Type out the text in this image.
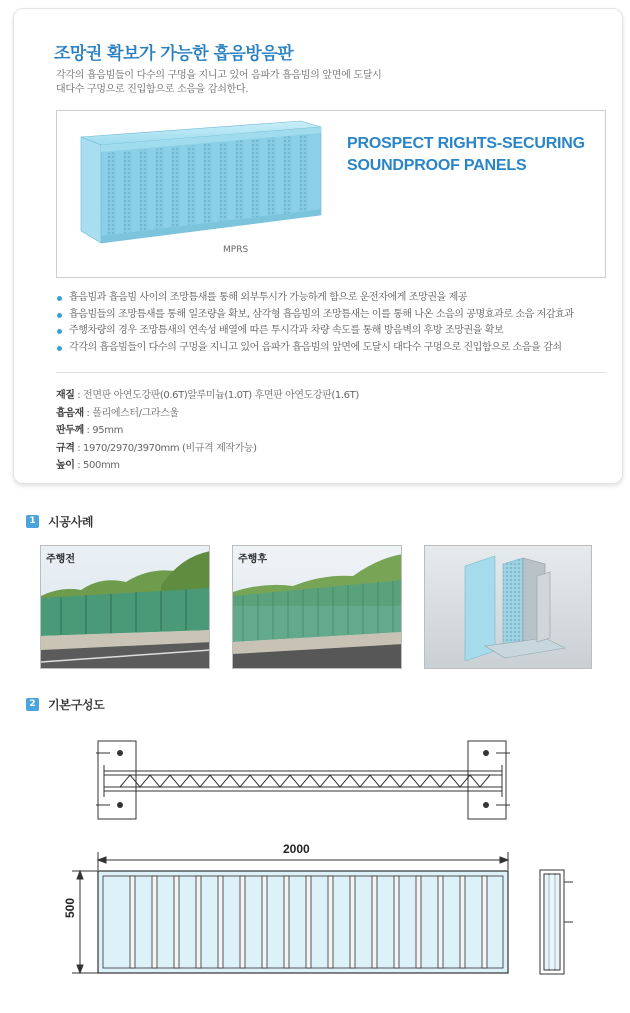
조망권 확보가 가능한 흡음방음판
각각의 흡음빔들이 다수의 구멍을 지니고 있어 음파가 흡음빔의 앞면에 도달시
대다수 구멍으로 진입함으로 소음을 감쇠한다.
MPRS
PROSPECT RIGHTS-SECURING
SOUNDPROOF PANELS
흡음빔과 흡음빔 사이의 조망틈새를 통해 외부투시가 가능하게 함으로 운전자에게 조망권을 제공
흡음빔들의 조망틈새를 통해 일조량을 확보, 삼각형 흡음빔의 조망틈새는 이를 통해 나온 소음의 공명효과로 소음 저감효과
주행차량의 경우 조망틈새의 연속성 배열에 따른 투시각과 차량 속도를 통해 방음벽의 후방 조망권을 확보
각각의 흡음빔들이 다수의 구멍을 지니고 있어 음파가 흡음빔의 앞면에 도달시 대다수 구멍으로 진입함으로 소음을 감쇠
재질 : 전면판 아연도강판(0.6T)알루미늄(1.0T) 후면판 아연도강판(1.6T)
흡음재 : 폴리에스터/그라스울
판두께 : 95mm
규격 : 1970/2970/3970mm (비규격 제작가능)
높이 : 500mm
1 시공사례
주행전	주행후
2 기본구성도
2000
500
